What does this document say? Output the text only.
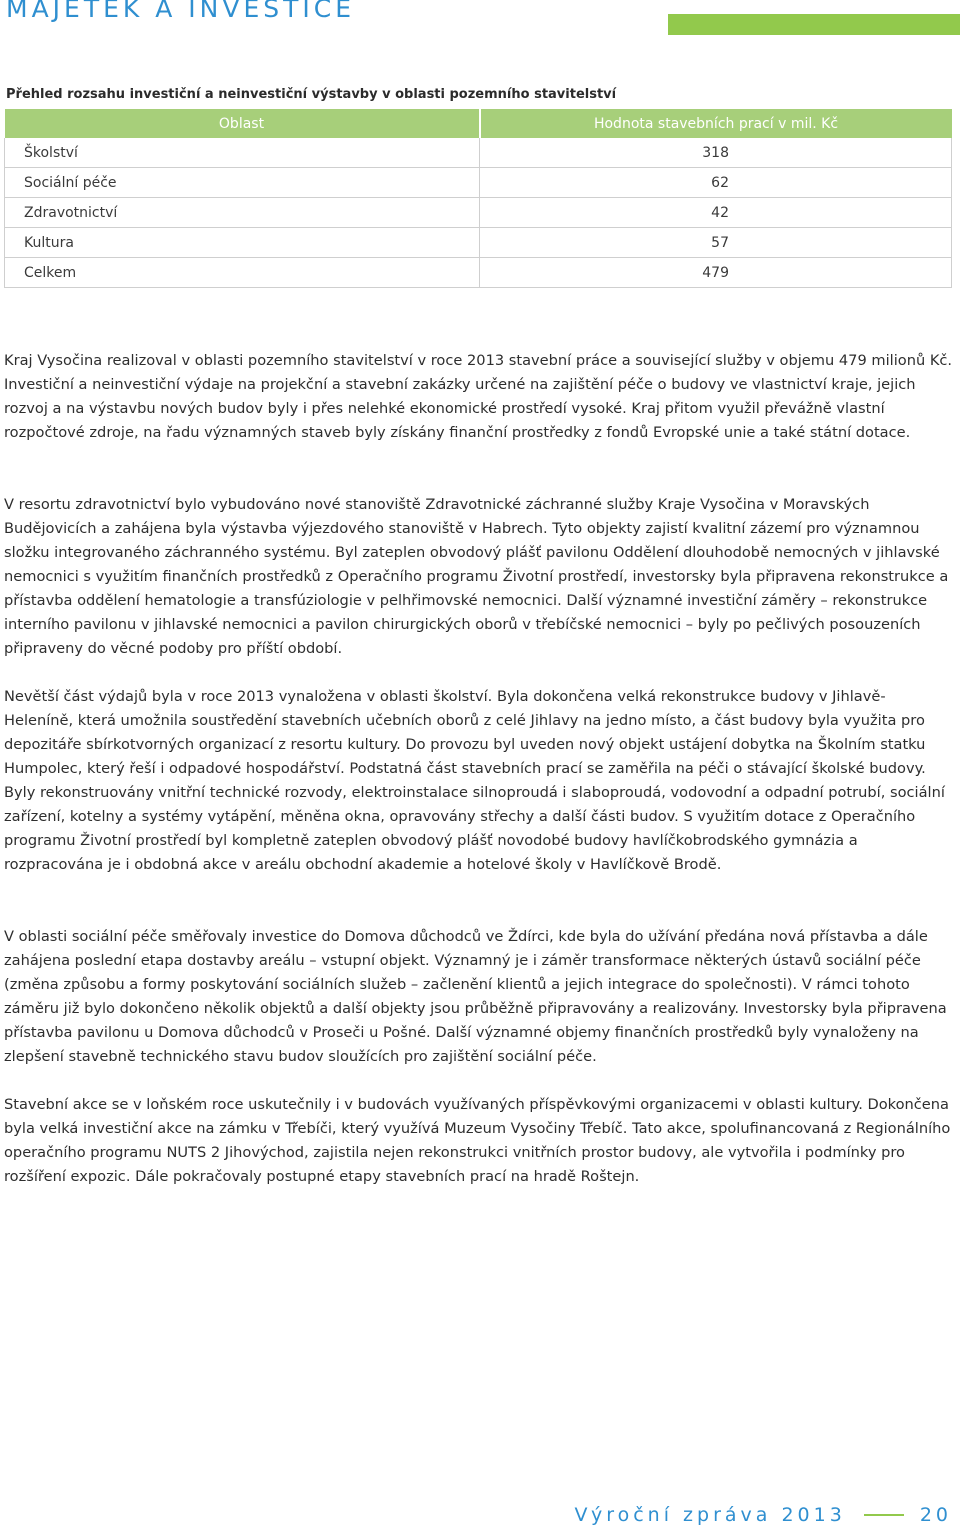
MAJETEK A INVESTICE
Přehled rozsahu investiční a neinvestiční výstavby v oblasti pozemního stavitelství
Oblast	Hodnota stavebních prací v mil. Kč
Školství	318
Sociální péče	62
Zdravotnictví	42
Kultura	57
Celkem	479

Kraj Vysočina realizoval v oblasti pozemního stavitelství v roce 2013 stavební práce a související služby v objemu 479 milionů Kč. Investiční a neinvestiční výdaje na projekční a stavební zakázky určené na zajištění péče o budovy ve vlastnictví kraje, jejich rozvoj a na výstavbu nových budov byly i přes nelehké ekonomické prostředí vysoké. Kraj přitom využil převážně vlastní rozpočtové zdroje, na řadu významných staveb byly získány finanční prostředky z fondů Evropské unie a také státní dotace.

V resortu zdravotnictví bylo vybudováno nové stanoviště Zdravotnické záchranné služby Kraje Vysočina v Moravských Budějovicích a zahájena byla výstavba výjezdového stanoviště v Habrech. Tyto objekty zajistí kvalitní zázemí pro významnou složku integrovaného záchranného systému. Byl zateplen obvodový plášť pavilonu Oddělení dlouhodobě nemocných v jihlavské nemocnici s využitím finančních prostředků z Operačního programu Životní prostředí, investorsky byla připravena rekonstrukce a přístavba oddělení hematologie a transfúziologie v pelhřimovské nemocnici. Další významné investiční záměry – rekonstrukce interního pavilonu v jihlavské nemocnici a pavilon chirurgických oborů v třebíčské nemocnici – byly po pečlivých posouzeních připraveny do věcné podoby pro příští období.

Nevětší část výdajů byla v roce 2013 vynaložena v oblasti školství. Byla dokončena velká rekonstrukce budovy v Jihlavě-Heleníně, která umožnila soustředění stavebních učebních oborů z celé Jihlavy na jedno místo, a část budovy byla využita pro depozitáře sbírkotvorných organizací z resortu kultury. Do provozu byl uveden nový objekt ustájení dobytka na Školním statku Humpolec, který řeší i odpadové hospodářství. Podstatná část stavebních prací se zaměřila na péči o stávající školské budovy. Byly rekonstruovány vnitřní technické rozvody, elektroinstalace silnoproudá i slaboproudá, vodovodní a odpadní potrubí, sociální zařízení, kotelny a systémy vytápění, měněna okna, opravovány střechy a další části budov. S využitím dotace z Operačního programu Životní prostředí byl kompletně zateplen obvodový plášť novodobé budovy havlíčkobrodského gymnázia a rozpracována je i obdobná akce v areálu obchodní akademie a hotelové školy v Havlíčkově Brodě.

V oblasti sociální péče směřovaly investice do Domova důchodců ve Ždírci, kde byla do užívání předána nová přístavba a dále zahájena poslední etapa dostavby areálu – vstupní objekt. Významný je i záměr transformace některých ústavů sociální péče (změna způsobu a formy poskytování sociálních služeb – začlenění klientů a jejich integrace do společnosti). V rámci tohoto záměru již bylo dokončeno několik objektů a další objekty jsou průběžně připravovány a realizovány. Investorsky byla připravena přístavba pavilonu u Domova důchodců v Proseči u Pošné. Další významné objemy finančních prostředků byly vynaloženy na zlepšení stavebně technického stavu budov sloužících pro zajištění sociální péče.

Stavební akce se v loňském roce uskutečnily i v budovách využívaných příspěvkovými organizacemi v oblasti kultury. Dokončena byla velká investiční akce na zámku v Třebíči, který využívá Muzeum Vysočiny Třebíč. Tato akce, spolufinancovaná z Regionálního operačního programu NUTS 2 Jihovýchod, zajistila nejen rekonstrukci vnitřních prostor budovy, ale vytvořila i podmínky pro rozšíření expozic. Dále pokračovaly postupné etapy stavebních prací na hradě Roštejn.

Výroční zpráva 2013	20
